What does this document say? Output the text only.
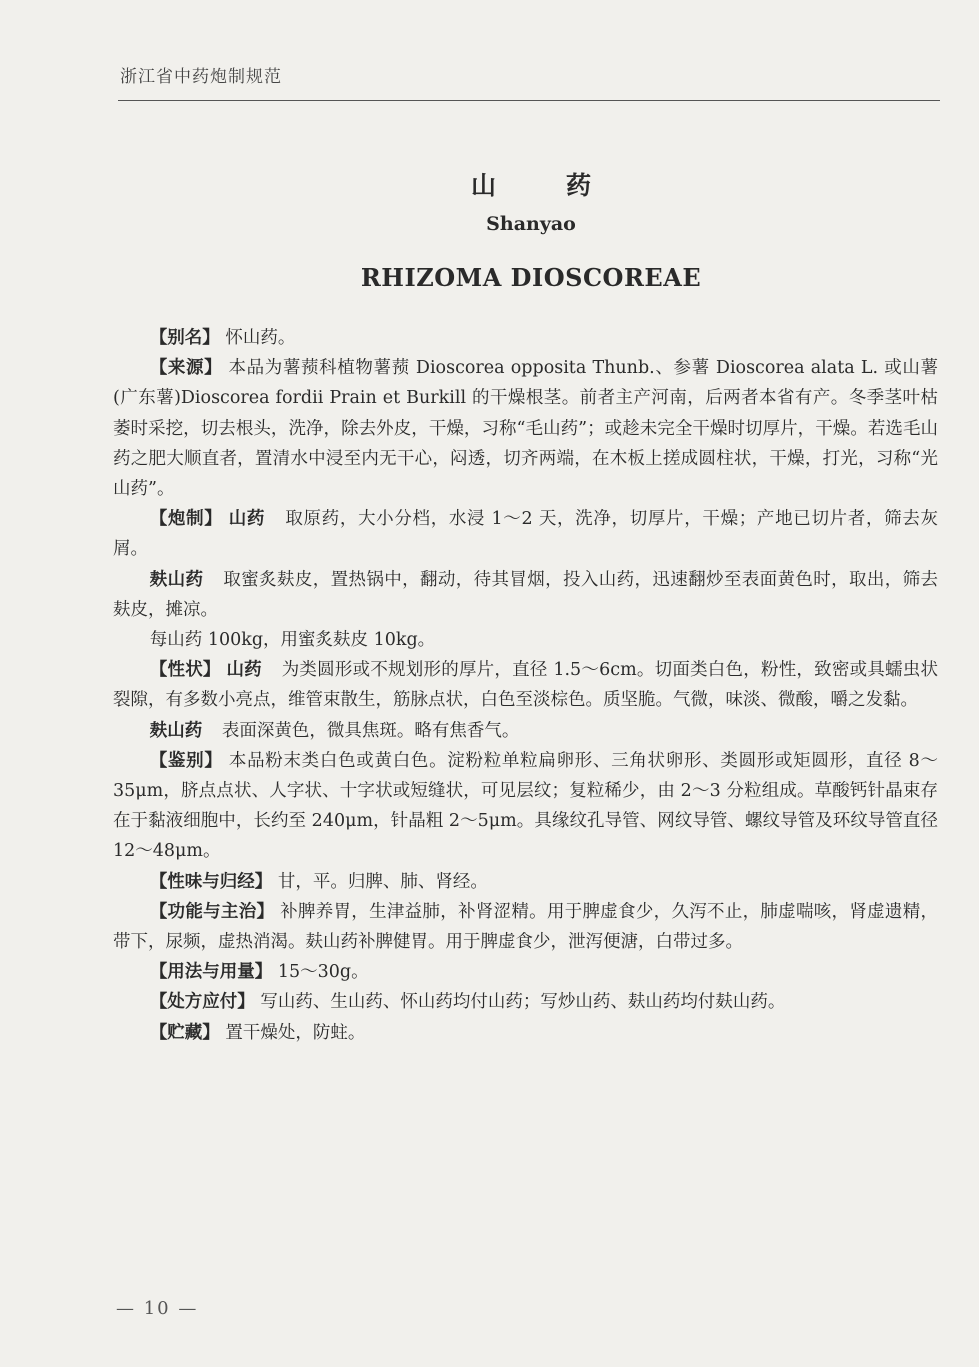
浙江省中药炮制规范
山药
Shanyao
RHIZOMA DIOSCOREAE

【别名】 怀山药。

【来源】 本品为薯蓣科植物薯蓣 Dioscorea opposita Thunb.、参薯 Dioscorea alata L. 或山薯(广东薯)Dioscorea fordii Prain et Burkill 的干燥根茎。前者主产河南，后两者本省有产。冬季茎叶枯萎时采挖，切去根头，洗净，除去外皮，干燥，习称“毛山药”；或趁未完全干燥时切厚片，干燥。若选毛山药之肥大顺直者，置清水中浸至内无干心，闷透，切齐两端，在木板上搓成圆柱状，干燥，打光，习称“光山药”。

【炮制】 山药 取原药，大小分档，水浸 1～2 天，洗净，切厚片，干燥；产地已切片者，筛去灰屑。

麸山药 取蜜炙麸皮，置热锅中，翻动，待其冒烟，投入山药，迅速翻炒至表面黄色时，取出，筛去麸皮，摊凉。

每山药 100kg，用蜜炙麸皮 10kg。

【性状】 山药 为类圆形或不规划形的厚片，直径 1.5～6cm。切面类白色，粉性，致密或具蠕虫状裂隙，有多数小亮点，维管束散生，筋脉点状，白色至淡棕色。质坚脆。气微，味淡、微酸，嚼之发黏。

麸山药 表面深黄色，微具焦斑。略有焦香气。

【鉴别】 本品粉末类白色或黄白色。淀粉粒单粒扁卵形、三角状卵形、类圆形或矩圆形，直径 8～35μm，脐点点状、人字状、十字状或短缝状，可见层纹；复粒稀少，由 2～3 分粒组成。草酸钙针晶束存在于黏液细胞中，长约至 240μm，针晶粗 2～5μm。具缘纹孔导管、网纹导管、螺纹导管及环纹导管直径 12～48μm。

【性味与归经】 甘，平。归脾、肺、肾经。

【功能与主治】 补脾养胃，生津益肺，补肾涩精。用于脾虚食少，久泻不止，肺虚喘咳，肾虚遗精，带下，尿频，虚热消渴。麸山药补脾健胃。用于脾虚食少，泄泻便溏，白带过多。

【用法与用量】 15～30g。

【处方应付】 写山药、生山药、怀山药均付山药；写炒山药、麸山药均付麸山药。

【贮藏】 置干燥处，防蛀。

— 10 —
